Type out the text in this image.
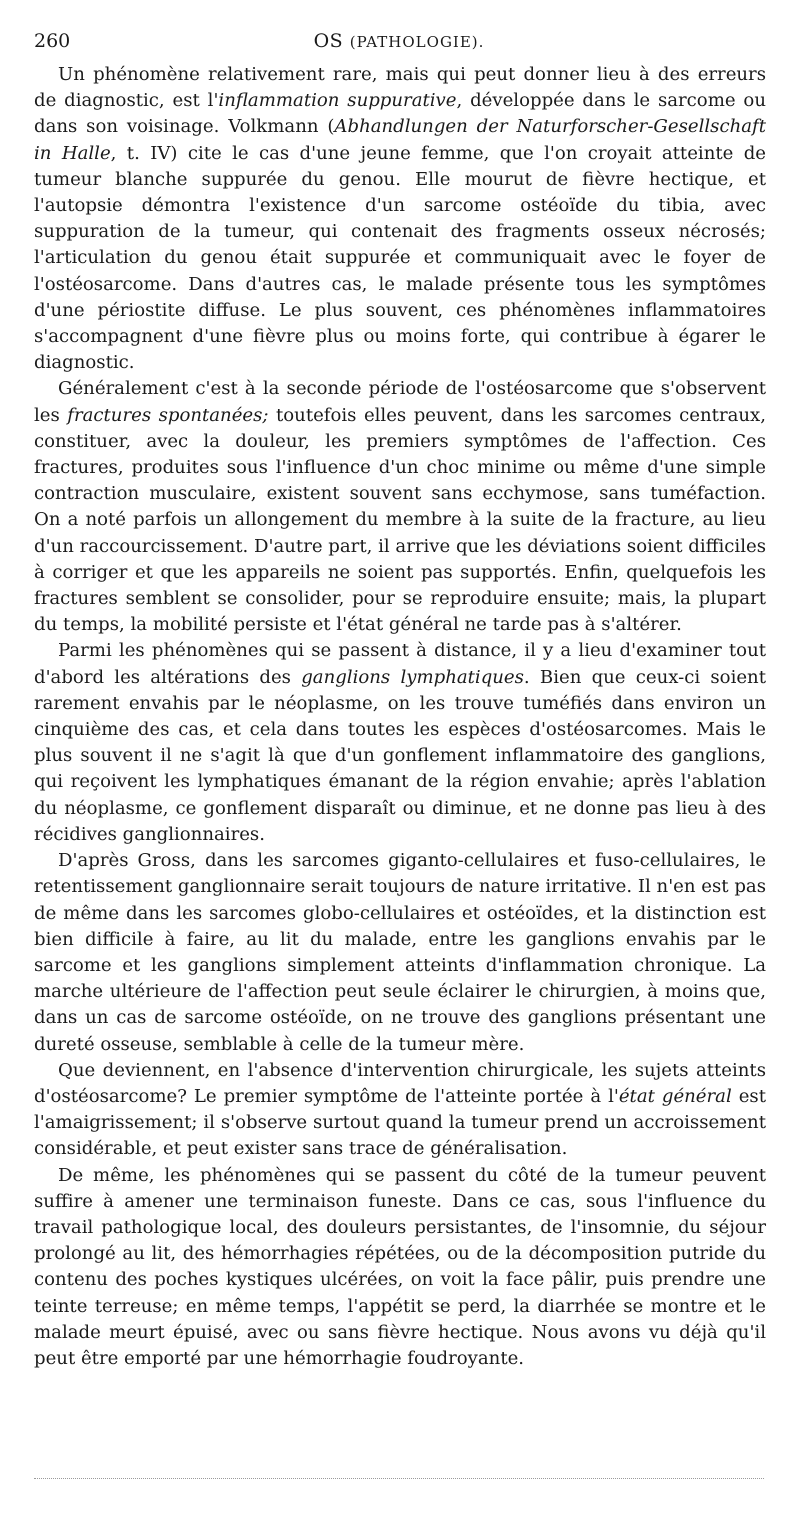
260	OS (PATHOLOGIE).

Un phénomène relativement rare, mais qui peut donner lieu à des erreurs de diagnostic, est l'inflammation suppurative, développée dans le sarcome ou dans son voisinage. Volkmann (Abhandlungen der Naturforscher-Gesellschaft in Halle, t. IV) cite le cas d'une jeune femme, que l'on croyait atteinte de tumeur blanche suppurée du genou. Elle mourut de fièvre hectique, et l'autopsie démontra l'existence d'un sarcome ostéoïde du tibia, avec suppuration de la tumeur, qui contenait des fragments osseux nécrosés; l'articulation du genou était suppurée et communiquait avec le foyer de l'ostéosarcome. Dans d'autres cas, le malade présente tous les symptômes d'une périostite diffuse. Le plus souvent, ces phénomènes inflammatoires s'accompagnent d'une fièvre plus ou moins forte, qui contribue à égarer le diagnostic.

Généralement c'est à la seconde période de l'ostéosarcome que s'observent les fractures spontanées; toutefois elles peuvent, dans les sarcomes centraux, constituer, avec la douleur, les premiers symptômes de l'affection. Ces fractures, produites sous l'influence d'un choc minime ou même d'une simple contraction musculaire, existent souvent sans ecchymose, sans tuméfaction. On a noté parfois un allongement du membre à la suite de la fracture, au lieu d'un raccourcissement. D'autre part, il arrive que les déviations soient difficiles à corriger et que les appareils ne soient pas supportés. Enfin, quelquefois les fractures semblent se consolider, pour se reproduire ensuite; mais, la plupart du temps, la mobilité persiste et l'état général ne tarde pas à s'altérer.

Parmi les phénomènes qui se passent à distance, il y a lieu d'examiner tout d'abord les altérations des ganglions lymphatiques. Bien que ceux-ci soient rarement envahis par le néoplasme, on les trouve tuméfiés dans environ un cinquième des cas, et cela dans toutes les espèces d'ostéosarcomes. Mais le plus souvent il ne s'agit là que d'un gonflement inflammatoire des ganglions, qui reçoivent les lymphatiques émanant de la région envahie; après l'ablation du néoplasme, ce gonflement disparaît ou diminue, et ne donne pas lieu à des récidives ganglionnaires.

D'après Gross, dans les sarcomes giganto-cellulaires et fuso-cellulaires, le retentissement ganglionnaire serait toujours de nature irritative. Il n'en est pas de même dans les sarcomes globo-cellulaires et ostéoïdes, et la distinction est bien difficile à faire, au lit du malade, entre les ganglions envahis par le sarcome et les ganglions simplement atteints d'inflammation chronique. La marche ultérieure de l'affection peut seule éclairer le chirurgien, à moins que, dans un cas de sarcome ostéoïde, on ne trouve des ganglions présentant une dureté osseuse, semblable à celle de la tumeur mère.

Que deviennent, en l'absence d'intervention chirurgicale, les sujets atteints d'ostéosarcome? Le premier symptôme de l'atteinte portée à l'état général est l'amaigrissement; il s'observe surtout quand la tumeur prend un accroissement considérable, et peut exister sans trace de généralisation.

De même, les phénomènes qui se passent du côté de la tumeur peuvent suffire à amener une terminaison funeste. Dans ce cas, sous l'influence du travail pathologique local, des douleurs persistantes, de l'insomnie, du séjour prolongé au lit, des hémorrhagies répétées, ou de la décomposition putride du contenu des poches kystiques ulcérées, on voit la face pâlir, puis prendre une teinte terreuse; en même temps, l'appétit se perd, la diarrhée se montre et le malade meurt épuisé, avec ou sans fièvre hectique. Nous avons vu déjà qu'il peut être emporté par une hémorrhagie foudroyante.
